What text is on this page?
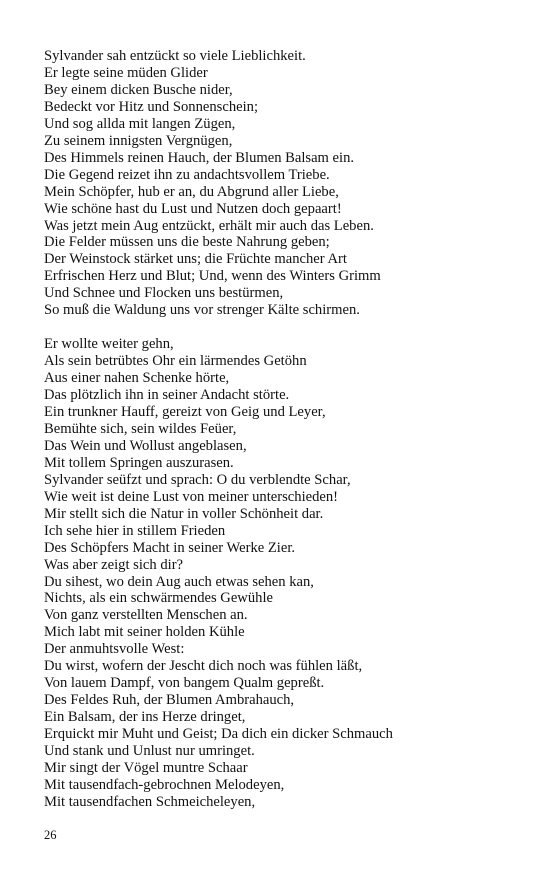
Sylvander sah entzückt so viele Lieblichkeit.
Er legte seine müden Glider
Bey einem dicken Busche nider,
Bedeckt vor Hitz und Sonnenschein;
Und sog allda mit langen Zügen,
Zu seinem innigsten Vergnügen,
Des Himmels reinen Hauch, der Blumen Balsam ein.
Die Gegend reizet ihn zu andachtsvollem Triebe.
Mein Schöpfer, hub er an, du Abgrund aller Liebe,
Wie schöne hast du Lust und Nutzen doch gepaart!
Was jetzt mein Aug entzückt, erhält mir auch das Leben.
Die Felder müssen uns die beste Nahrung geben;
Der Weinstock stärket uns; die Früchte mancher Art
Erfrischen Herz und Blut; Und, wenn des Winters Grimm
Und Schnee und Flocken uns bestürmen,
So muß die Waldung uns vor strenger Kälte schirmen.
Er wollte weiter gehn,
Als sein betrübtes Ohr ein lärmendes Getöhn
Aus einer nahen Schenke hörte,
Das plötzlich ihn in seiner Andacht störte.
Ein trunkner Hauff, gereizt von Geig und Leyer,
Bemühte sich, sein wildes Feüer,
Das Wein und Wollust angeblasen,
Mit tollem Springen auszurasen.
Sylvander seüfzt und sprach: O du verblendte Schar,
Wie weit ist deine Lust von meiner unterschieden!
Mir stellt sich die Natur in voller Schönheit dar.
Ich sehe hier in stillem Frieden
Des Schöpfers Macht in seiner Werke Zier.
Was aber zeigt sich dir?
Du sihest, wo dein Aug auch etwas sehen kan,
Nichts, als ein schwärmendes Gewühle
Von ganz verstellten Menschen an.
Mich labt mit seiner holden Kühle
Der anmuhtsvolle West:
Du wirst, wofern der Jescht dich noch was fühlen läßt,
Von lauem Dampf, von bangem Qualm gepreßt.
Des Feldes Ruh, der Blumen Ambrahauch,
Ein Balsam, der ins Herze dringet,
Erquickt mir Muht und Geist; Da dich ein dicker Schmauch
Und stank und Unlust nur umringet.
Mir singt der Vögel muntre Schaar
Mit tausendfach-gebrochnen Melodeyen,
Mit tausendfachen Schmeicheleyen,
26
